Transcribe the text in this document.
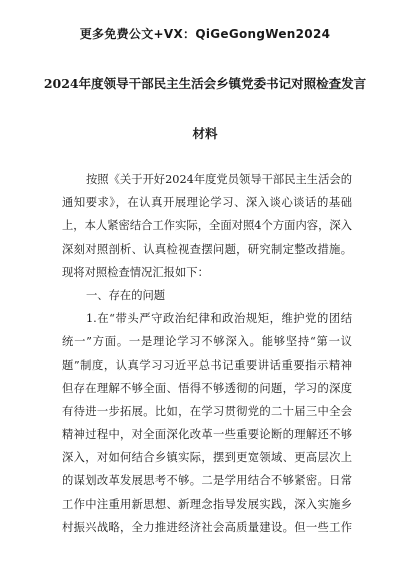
更多免费公文+VX：QiGeGongWen2024
2024年度领导干部民主生活会乡镇党委书记对照检查发言
材料
按照《关于开好2024年度党员领导干部民主生活会的
通知要求》，在认真开展理论学习、深入谈心谈话的基础
上，本人紧密结合工作实际，全面对照4个方面内容，深入
深刻对照剖析、认真检视查摆问题，研究制定整改措施。
现将对照检查情况汇报如下：
一、存在的问题
1.在“带头严守政治纪律和政治规矩，维护党的团结
统一”方面。一是理论学习不够深入。能够坚持“第一议
题”制度，认真学习习近平总书记重要讲话重要指示精神
但存在理解不够全面、悟得不够透彻的问题，学习的深度
有待进一步拓展。比如，在学习贯彻党的二十届三中全会
精神过程中，对全面深化改革一些重要论断的理解还不够
深入，对如何结合乡镇实际，摆到更宽领域、更高层次上
的谋划改革发展思考不够。二是学用结合不够紧密。日常
工作中注重用新思想、新理念指导发展实践，深入实施乡
村振兴战略，全力推进经济社会高质量建设。但一些工作
